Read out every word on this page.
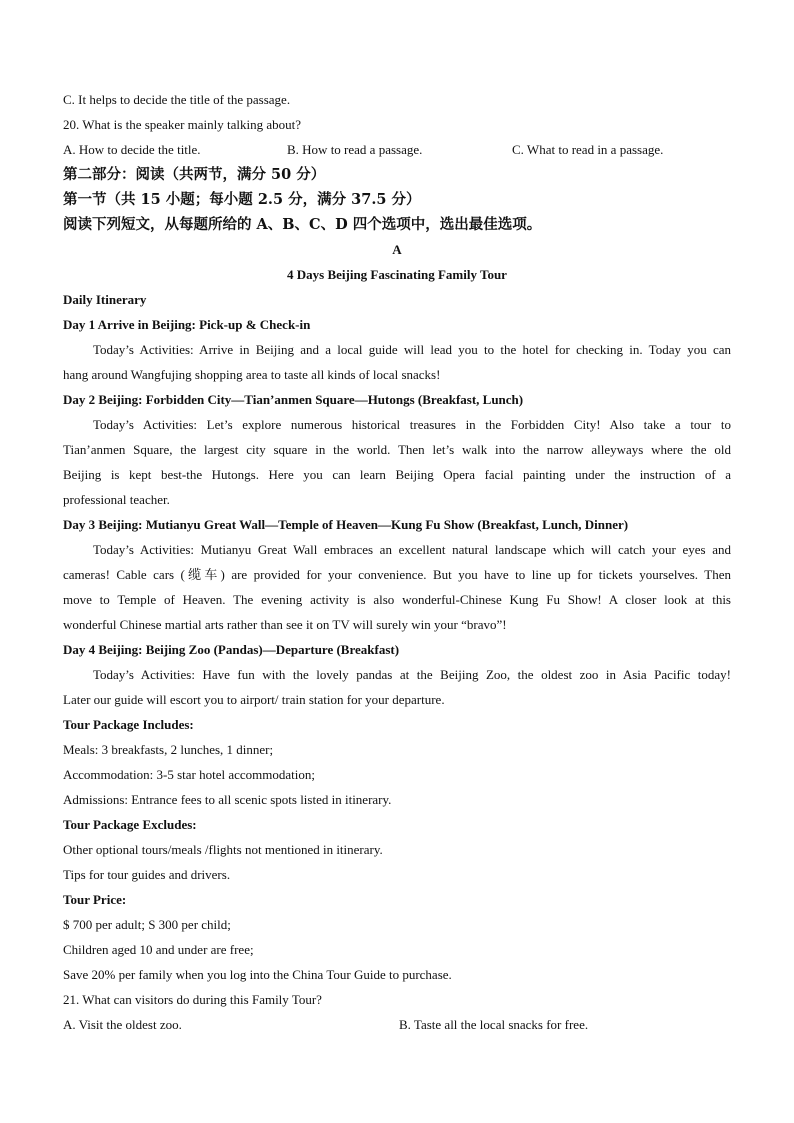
C. It helps to decide the title of the passage.
20. What is the speaker mainly talking about?
A. How to decide the title.	B. How to read a passage.	C. What to read in a passage.
第二部分：阅读（共两节，满分 50 分）
第一节（共 15 小题；每小题 2.5 分，满分 37.5 分）
阅读下列短文，从每题所给的 A、B、C、D 四个选项中，选出最佳选项。
A
4 Days Beijing Fascinating Family Tour
Daily Itinerary
Day 1 Arrive in Beijing: Pick-up & Check-in
Today’s Activities: Arrive in Beijing and a local guide will lead you to the hotel for checking in. Today you can
hang around Wangfujing shopping area to taste all kinds of local snacks!
Day 2 Beijing: Forbidden City—Tian’anmen Square—Hutongs (Breakfast, Lunch)
Today’s Activities: Let’s explore numerous historical treasures in the Forbidden City! Also take a tour to
Tian’anmen Square, the largest city square in the world. Then let’s walk into the narrow alleyways where the old
Beijing is kept best-the Hutongs. Here you can learn Beijing Opera facial painting under the instruction of a
professional teacher.
Day 3 Beijing: Mutianyu Great Wall—Temple of Heaven—Kung Fu Show (Breakfast, Lunch, Dinner)
Today’s Activities: Mutianyu Great Wall embraces an excellent natural landscape which will catch your eyes and
cameras! Cable cars (缆车) are provided for your convenience. But you have to line up for tickets yourselves. Then
move to Temple of Heaven. The evening activity is also wonderful-Chinese Kung Fu Show! A closer look at this
wonderful Chinese martial arts rather than see it on TV will surely win your “bravo”!
Day 4 Beijing: Beijing Zoo (Pandas)—Departure (Breakfast)
Today’s Activities: Have fun with the lovely pandas at the Beijing Zoo, the oldest zoo in Asia Pacific today!
Later our guide will escort you to airport/ train station for your departure.
Tour Package Includes:
Meals: 3 breakfasts, 2 lunches, 1 dinner;
Accommodation: 3-5 star hotel accommodation;
Admissions: Entrance fees to all scenic spots listed in itinerary.
Tour Package Excludes:
Other optional tours/meals /flights not mentioned in itinerary.
Tips for tour guides and drivers.
Tour Price:
$ 700 per adult; S 300 per child;
Children aged 10 and under are free;
Save 20% per family when you log into the China Tour Guide to purchase.
21. What can visitors do during this Family Tour?
A. Visit the oldest zoo.	B. Taste all the local snacks for free.
